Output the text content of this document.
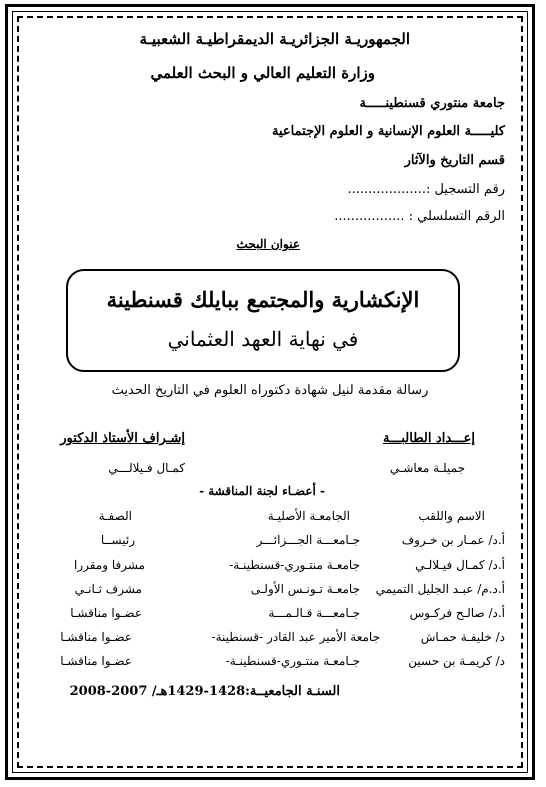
الجمهوريـة الجزائريـة الديمقراطيـة الشعبيـة
وزارة التعليم العالي و البحث العلمي
جامعة منتوري قسنطينـــــة
كليـــــة العلوم الإنسانية و العلوم الإجتماعية
قسم التاريخ والآثار
رقم التسجيل :...................
الرقم التسلسلي : .................
عنوان البحث
الإنكشارية والمجتمع ببايلك قسنطينة
في نهاية العهد العثماني
رسالة مقدمة لنيل شهادة دكتوراه العلوم في التاريخ الحديث
إعـــداد الطالبـــة
إشـراف الأستاذ الدكتور
جميلـة معاشـي
كمـال فـيلالـــي
- أعضـاء لجنة المناقشة -
الاسم واللقب
الجامعـة الأصليـة
الصفـة
أ.د/ عمـار بن خـروف
جـامعـــة الجـــزائـــر
رئيســا
أ.د/ كمـال فيـلالـي
جامعـة منتـوري-قسنطينـة-
مشرفا ومقررا
أ.د.م/ عبـد الجليل التميمي
جامعـة تـونـس الأولـى
مشرف ثـانـي
أ.د/ صالـح فركـوس
جـامعـــة قـالـمـــة
عضـوا مناقشـا
د/ خليفـة حمـاش
جامعة الأمير عبد القادر -قسنطينة-
عضـوا مناقشـا
د/ كريمـة بن حسين
جـامعـة منتـوري-قسنطينـة-
عضـوا مناقشـا
السنـة الجامعيــة:1428-1429هـ/ 2007-2008
